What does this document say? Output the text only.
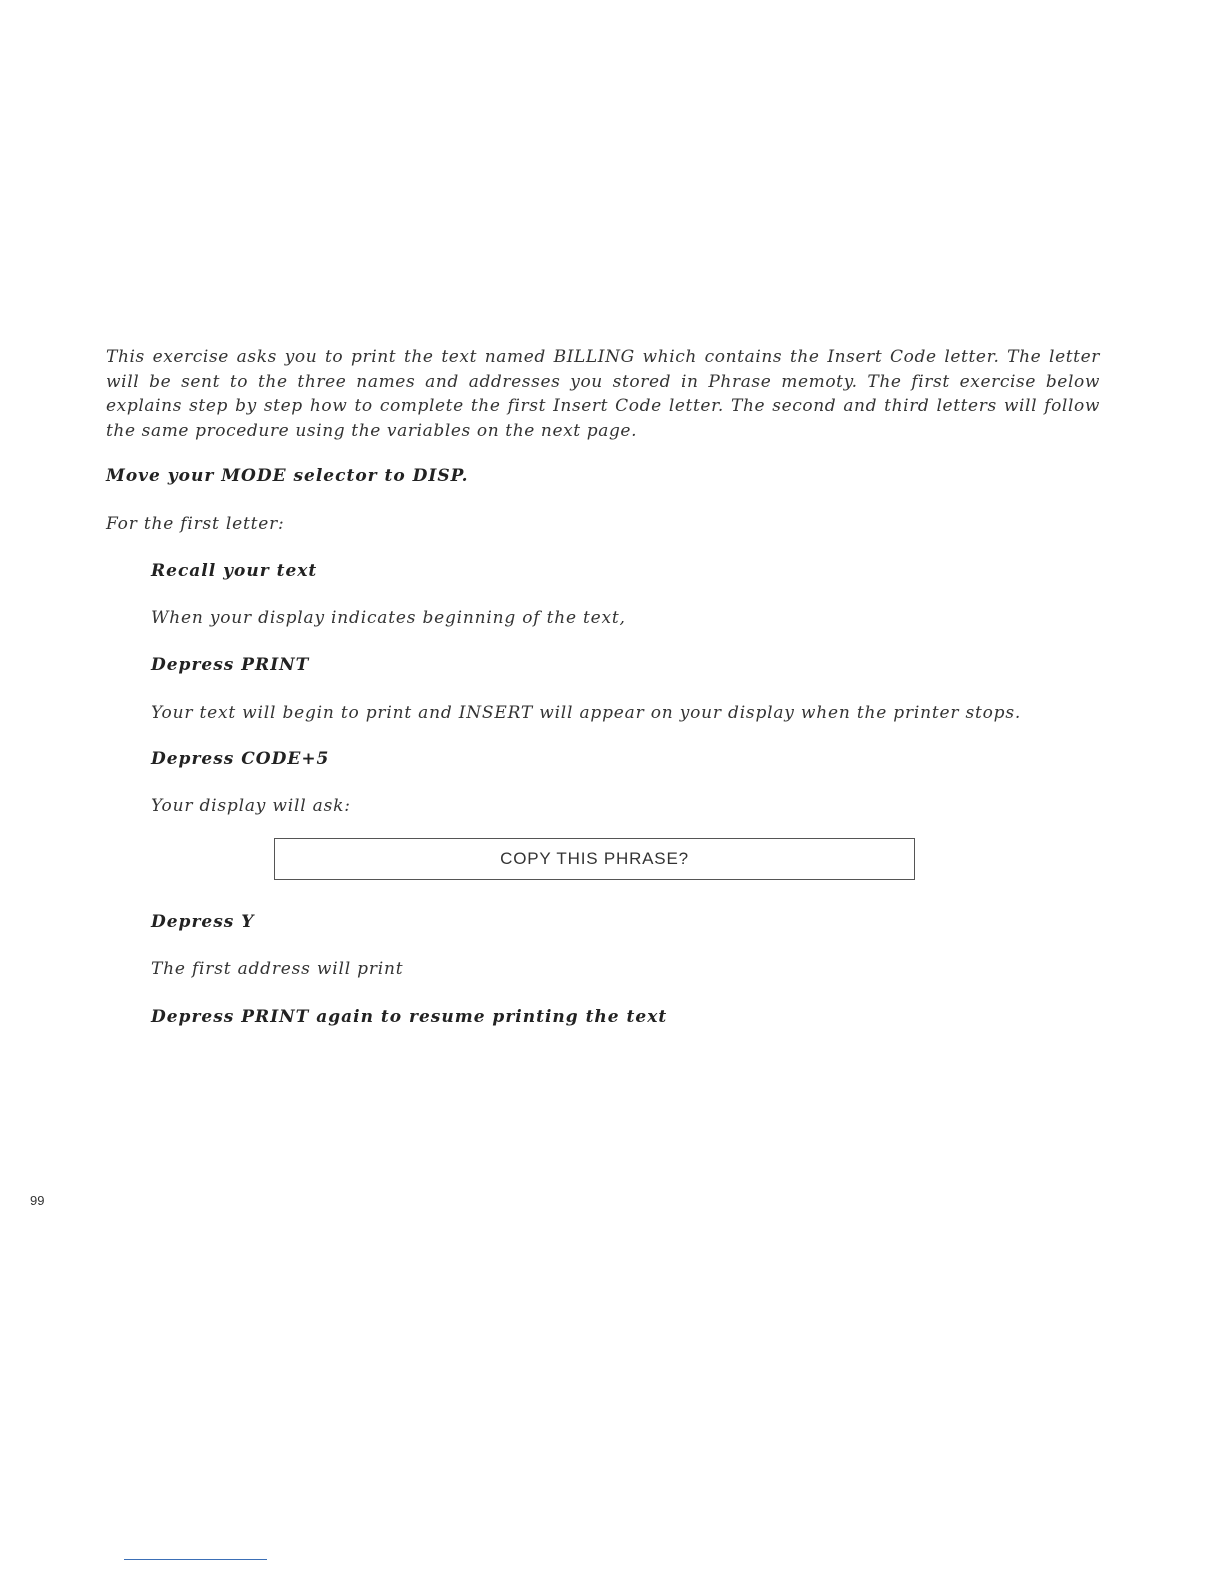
This exercise asks you to print the text named BILLING which contains the Insert Code letter. The letter will be sent to the three names and addresses you stored in Phrase memoty. The first exercise below explains step by step how to complete the first Insert Code letter. The second and third letters will follow the same procedure using the variables on the next page.

Move your MODE selector to DISP.

For the first letter:

Recall your text

When your display indicates beginning of the text,

Depress PRINT

Your text will begin to print and INSERT will appear on your display when the printer stops.

Depress CODE+5

Your display will ask:

COPY THIS PHRASE?

Depress Y

The first address will print

Depress PRINT again to resume printing the text

99
